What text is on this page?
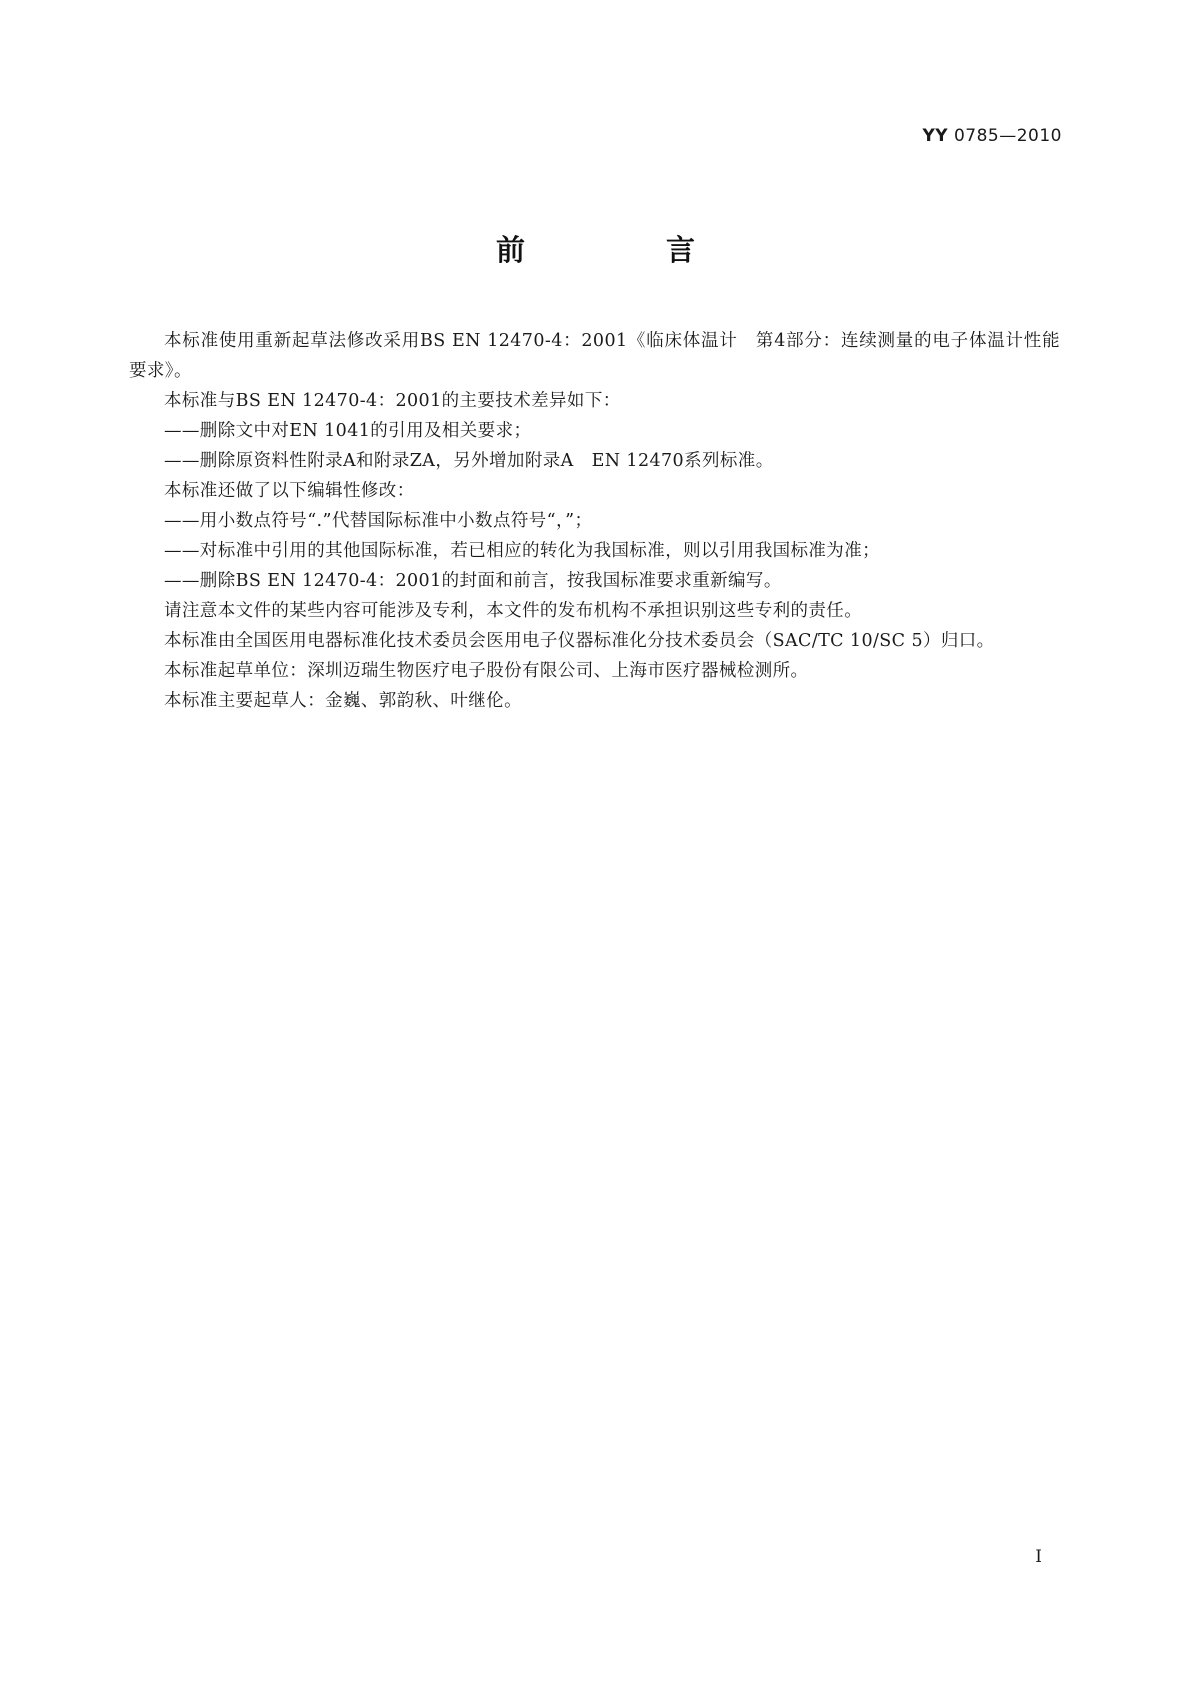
YY 0785—2010
前　言

本标准使用重新起草法修改采用BS EN 12470-4：2001《临床体温计　第4部分：连续测量的电子体温计性能要求》。

本标准与BS EN 12470-4：2001的主要技术差异如下：

——删除文中对EN 1041的引用及相关要求；

——删除原资料性附录A和附录ZA，另外增加附录A　EN 12470系列标准。

本标准还做了以下编辑性修改：

——用小数点符号“.”代替国际标准中小数点符号“，”；

——对标准中引用的其他国际标准，若已相应的转化为我国标准，则以引用我国标准为准；

——删除BS EN 12470-4：2001的封面和前言，按我国标准要求重新编写。

请注意本文件的某些内容可能涉及专利，本文件的发布机构不承担识别这些专利的责任。

本标准由全国医用电器标准化技术委员会医用电子仪器标准化分技术委员会（SAC/TC 10/SC 5）归口。

本标准起草单位：深圳迈瑞生物医疗电子股份有限公司、上海市医疗器械检测所。

本标准主要起草人：金巍、郭韵秋、叶继伦。

I
